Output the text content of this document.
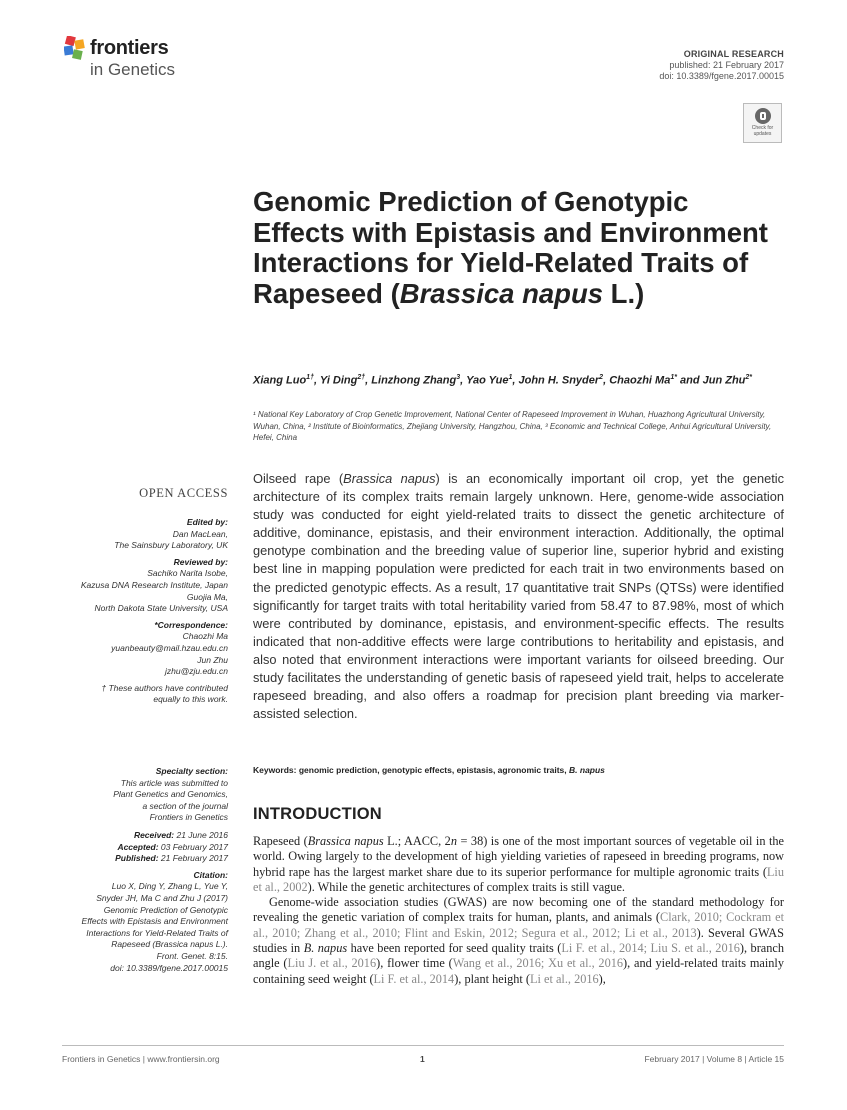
frontiers
in Genetics
ORIGINAL RESEARCH
published: 21 February 2017
doi: 10.3389/fgene.2017.00015
Check for
updates
Genomic Prediction of Genotypic Effects with Epistasis and Environment Interactions for Yield-Related Traits of Rapeseed (Brassica napus L.)
Xiang Luo$^{1\dagger}$, Yi Ding$^{2\dagger}$, Linzhong Zhang$^3$, Yao Yue$^1$, John H. Snyder$^2$, Chaozhi $Ma^{1*}$ and Jun Zhu$^{2*}$
¹ National Key Laboratory of Crop Genetic Improvement, National Center of Rapeseed Improvement in Wuhan, Huazhong Agricultural University, Wuhan, China, ² Institute of Bioinformatics, Zhejiang University, Hangzhou, China, ³ Economic and Technical College, Anhui Agricultural University, Hefei, China
Oilseed rape (Brassica napus) is an economically important oil crop, yet the genetic architecture of its complex traits remain largely unknown. Here, genome-wide association study was conducted for eight yield-related traits to dissect the genetic architecture of additive, dominance, epistasis, and their environment interaction. Additionally, the optimal genotype combination and the breeding value of superior line, superior hybrid and existing best line in mapping population were predicted for each trait in two environments based on the predicted genotypic effects. As a result, 17 quantitative trait SNPs (QTSs) were identified significantly for target traits with total heritability varied from 58.47 to 87.98%, most of which were contributed by dominance, epistasis, and environment-specific effects. The results indicated that non-additive effects were large contributions to heritability and epistasis, and also noted that environment interactions were important variants for oilseed breeding. Our study facilitates the understanding of genetic basis of rapeseed yield trait, helps to accelerate rapeseed breading, and also offers a roadmap for precision plant breeding via marker-assisted selection.
Keywords: genomic prediction, genotypic effects, epistasis, agronomic traits, B. napus
INTRODUCTION

Rapeseed (Brassica napus L.; AACC, 2n = 38) is one of the most important sources of vegetable oil in the world. Owing largely to the development of high yielding varieties of rapeseed in breeding programs, now hybrid rape has the largest market share due to its superior performance for multiple agronomic traits (Liu et al., 2002). While the genetic architectures of complex traits is still vague.

Genome-wide association studies (GWAS) are now becoming one of the standard methodology for revealing the genetic variation of complex traits for human, plants, and animals (Clark, 2010; Cockram et al., 2010; Zhang et al., 2010; Flint and Eskin, 2012; Segura et al., 2012; Li et al., 2013). Several GWAS studies in B. napus have been reported for seed quality traits (Li F. et al., 2014; Liu S. et al., 2016), branch angle (Liu J. et al., 2016), flower time (Wang et al., 2016; Xu et al., 2016), and yield-related traits mainly containing seed weight (Li F. et al., 2014), plant height (Li et al., 2016),

OPEN ACCESS
Edited by:
Dan MacLean,
The Sainsbury Laboratory, UK
Reviewed by:
Sachiko Narita Isobe,
Kazusa DNA Research Institute, Japan
Guojia Ma,
North Dakota State University, USA
*Correspondence:
Chaozhi Ma
yuanbeauty@mail.hzau.edu.cn
Jun Zhu
jzhu@zju.edu.cn
† These authors have contributed equally to this work.
Specialty section:
This article was submitted to
Plant Genetics and Genomics,
a section of the journal
Frontiers in Genetics
Received: 21 June 2016
Accepted: 03 February 2017
Published: 21 February 2017
Citation:
Luo X, Ding Y, Zhang L, Yue Y,
Snyder JH, Ma C and Zhu J (2017)
Genomic Prediction of Genotypic
Effects with Epistasis and Environment
Interactions for Yield-Related Traits of
Rapeseed (Brassica napus L.).
Front. Genet. 8:15.
doi: 10.3389/fgene.2017.00015
Frontiers in Genetics | www.frontiersin.org	1	February 2017 | Volume 8 | Article 15
